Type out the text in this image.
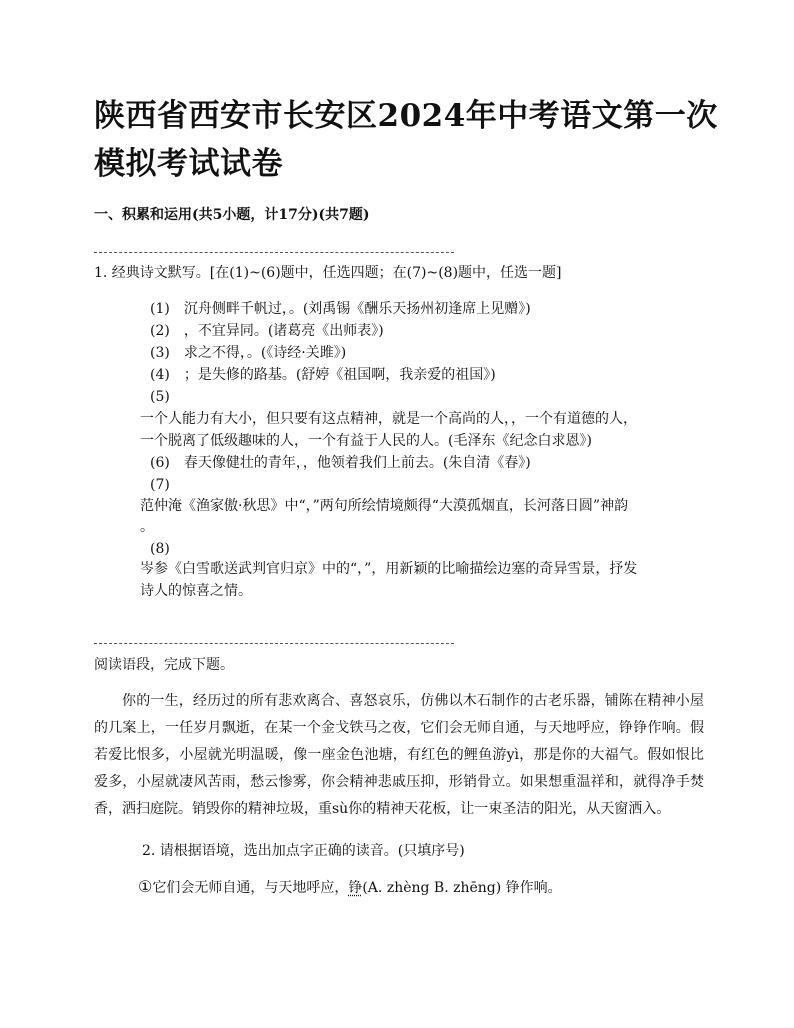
陕西省西安市长安区2024年中考语文第一次模拟考试试卷
一、积累和运用(共5小题，计17分)(共7题)
1. 经典诗文默写。[在(1)~(6)题中，任选四题；在(7)~(8)题中，任选一题]
(1)　沉舟侧畔千帆过，。(刘禹锡《酬乐天扬州初逢席上见赠》)
(2)　，不宜异同。(诸葛亮《出师表》)
(3)　求之不得，。(《诗经·关雎》)
(4)　；是失修的路基。(舒婷《祖国啊，我亲爱的祖国》)
(5)
一个人能力有大小，但只要有这点精神，就是一个高尚的人，，一个有道德的人，
一个脱离了低级趣味的人，一个有益于人民的人。(毛泽东《纪念白求恩》)
(6)　春天像健壮的青年，，他领着我们上前去。(朱自清《春》)
(7)
范仲淹《渔家傲·秋思》中“，”两句所绘情境颇得“大漠孤烟直，长河落日圆”神韵
。
(8)
岑参《白雪歌送武判官归京》中的“，”，用新颖的比喻描绘边塞的奇异雪景，抒发
诗人的惊喜之情。
阅读语段，完成下题。
你的一生，经历过的所有悲欢离合、喜怒哀乐，仿佛以木石制作的古老乐器，铺陈在精神小屋的几案上，一任岁月飘逝，在某一个金戈铁马之夜，它们会无师自通，与天地呼应，铮铮作响。假若爱比恨多，小屋就光明温暖，像一座金色池塘，有红色的鲤鱼游yì，那是你的大福气。假如恨比爱多，小屋就凄风苦雨，愁云惨雾，你会精神悲戚压抑，形销骨立。如果想重温祥和，就得净手焚香，洒扫庭院。销毁你的精神垃圾，重sù你的精神天花板，让一束圣洁的阳光，从天窗洒入。
2. 请根据语境，选出加点字正确的读音。(只填序号)
①它们会无师自通，与天地呼应，铮(A. zhèng B. zhēng) 铮作响。
